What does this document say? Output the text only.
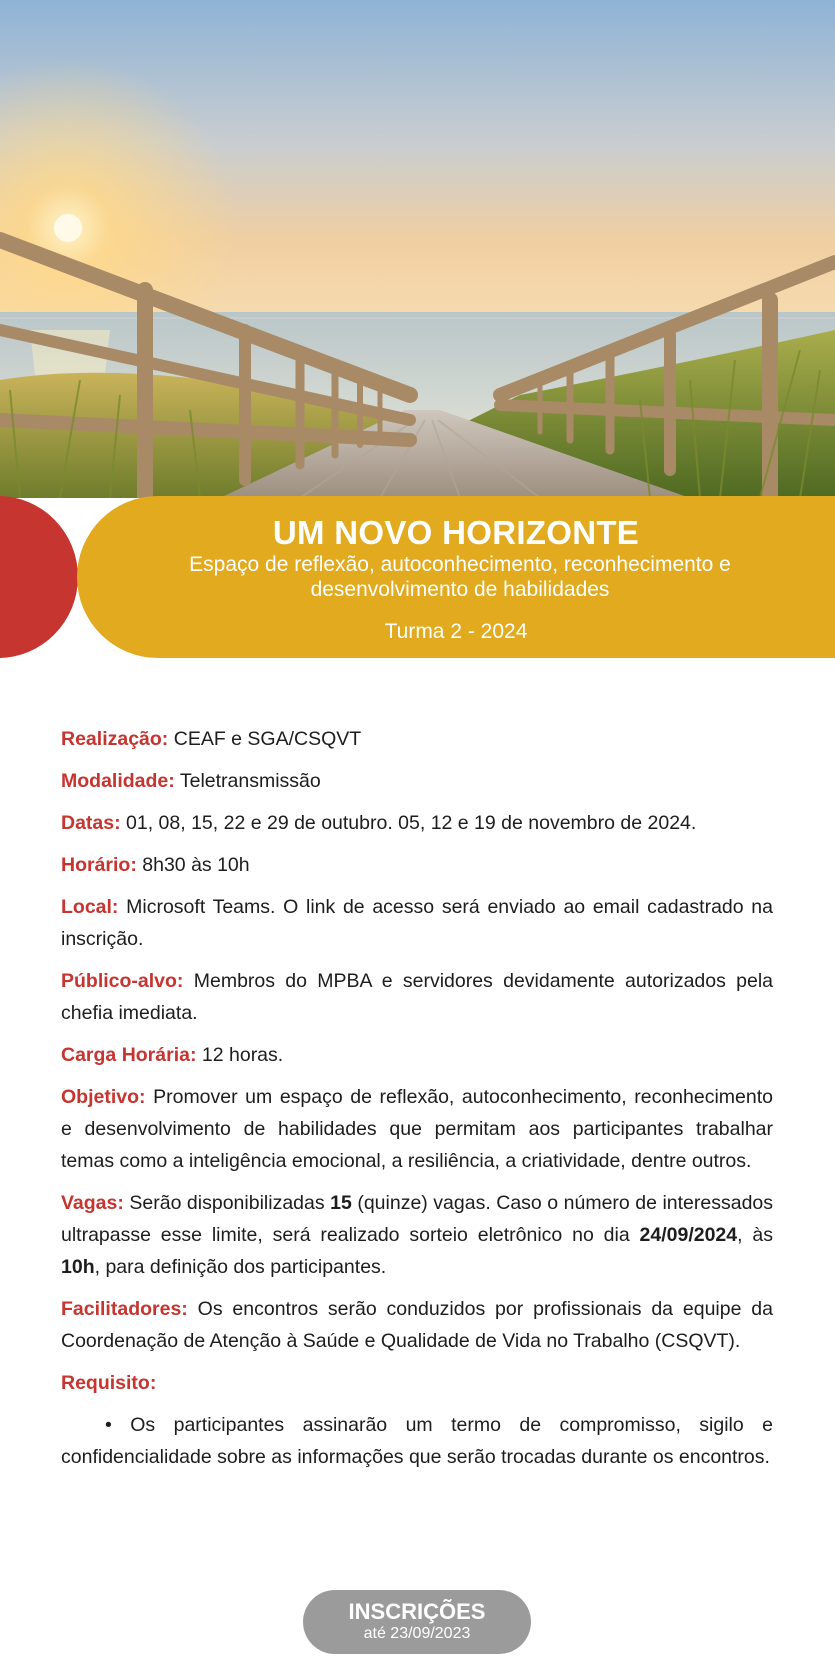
UM NOVO HORIZONTE
Espaço de reflexão, autoconhecimento, reconhecimento e desenvolvimento de habilidades
Turma 2 - 2024

Realização: CEAF e SGA/CSQVT

Modalidade: Teletransmissão

Datas: 01, 08, 15, 22 e 29 de outubro. 05, 12 e 19 de novembro de 2024.

Horário: 8h30 às 10h

Local: Microsoft Teams. O link de acesso será enviado ao email cadastrado na inscrição.

Público-alvo: Membros do MPBA e servidores devidamente autorizados pela chefia imediata.

Carga Horária: 12 horas.

Objetivo: Promover um espaço de reflexão, autoconhecimento, reconhecimento e desenvolvimento de habilidades que permitam aos participantes trabalhar temas como a inteligência emocional, a resiliência, a criatividade, dentre outros.

Vagas: Serão disponibilizadas 15 (quinze) vagas. Caso o número de interessados ultrapasse esse limite, será realizado sorteio eletrônico no dia 24/09/2024, às 10h, para definição dos participantes.

Facilitadores: Os encontros serão conduzidos por profissionais da equipe da Coordenação de Atenção à Saúde e Qualidade de Vida no Trabalho (CSQVT).

Requisito:

• Os participantes assinarão um termo de compromisso, sigilo e confidencialidade sobre as informações que serão trocadas durante os encontros.

INSCRIÇÕES
até 23/09/2023
